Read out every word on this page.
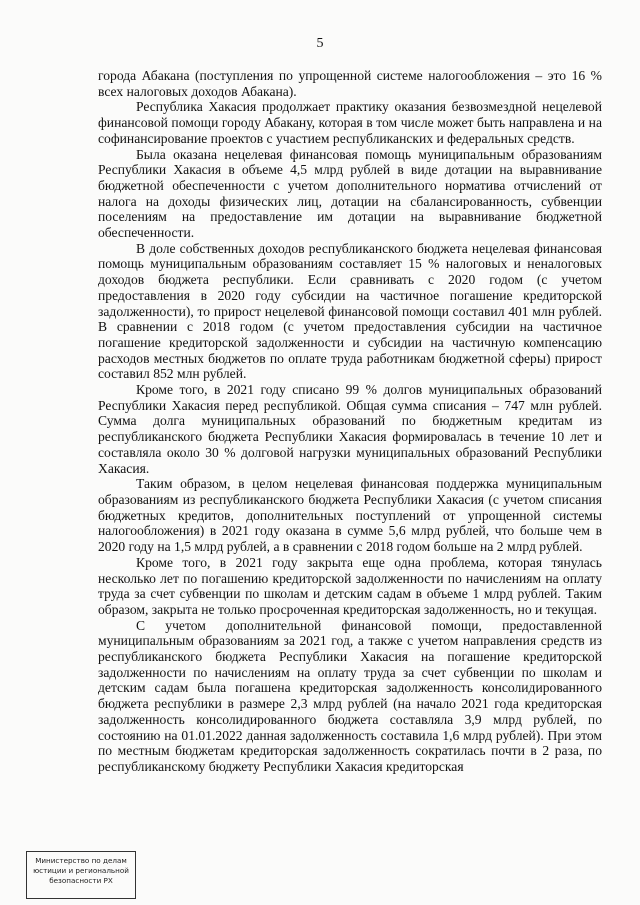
5

города Абакана (поступления по упрощенной системе налогообложения – это 16 % всех налоговых доходов Абакана).

Республика Хакасия продолжает практику оказания безвозмездной нецелевой финансовой помощи городу Абакану, которая в том числе может быть направлена и на софинансирование проектов с участием республиканских и федеральных средств.

Была оказана нецелевая финансовая помощь муниципальным образованиям Республики Хакасия в объеме 4,5 млрд рублей в виде дотации на выравнивание бюджетной обеспеченности с учетом дополнительного норматива отчислений от налога на доходы физических лиц, дотации на сбалансированность, субвенции поселениям на предоставление им дотации на выравнивание бюджетной обеспеченности.

В доле собственных доходов республиканского бюджета нецелевая финансовая помощь муниципальным образованиям составляет 15 % налоговых и неналоговых доходов бюджета республики. Если сравнивать с 2020 годом (с учетом предоставления в 2020 году субсидии на частичное погашение кредиторской задолженности), то прирост нецелевой финансовой помощи составил 401 млн рублей. В сравнении с 2018 годом (с учетом предоставления субсидии на частичное погашение кредиторской задолженности и субсидии на частичную компенсацию расходов местных бюджетов по оплате труда работникам бюджетной сферы) прирост составил 852 млн рублей.

Кроме того, в 2021 году списано 99 % долгов муниципальных образований Республики Хакасия перед республикой. Общая сумма списания – 747 млн рублей. Сумма долга муниципальных образований по бюджетным кредитам из республиканского бюджета Республики Хакасия формировалась в течение 10 лет и составляла около 30 % долговой нагрузки муниципальных образований Республики Хакасия.

Таким образом, в целом нецелевая финансовая поддержка муниципальным образованиям из республиканского бюджета Республики Хакасия (с учетом списания бюджетных кредитов, дополнительных поступлений от упрощенной системы налогообложения) в 2021 году оказана в сумме 5,6 млрд рублей, что больше чем в 2020 году на 1,5 млрд рублей, а в сравнении с 2018 годом больше на 2 млрд рублей.

Кроме того, в 2021 году закрыта еще одна проблема, которая тянулась несколько лет по погашению кредиторской задолженности по начислениям на оплату труда за счет субвенции по школам и детским садам в объеме 1 млрд рублей. Таким образом, закрыта не только просроченная кредиторская задолженность, но и текущая.

С учетом дополнительной финансовой помощи, предоставленной муниципальным образованиям за 2021 год, а также с учетом направления средств из республиканского бюджета Республики Хакасия на погашение кредиторской задолженности по начислениям на оплату труда за счет субвенции по школам и детским садам была погашена кредиторская задолженность консолидированного бюджета республики в размере 2,3 млрд рублей (на начало 2021 года кредиторская задолженность консолидированного бюджета составляла 3,9 млрд рублей, по состоянию на 01.01.2022 данная задолженность составила 1,6 млрд рублей). При этом по местным бюджетам кредиторская задолженность сократилась почти в 2 раза, по республиканскому бюджету Республики Хакасия кредиторская

Министерство по делам
юстиции и региональной
безопасности РХ
